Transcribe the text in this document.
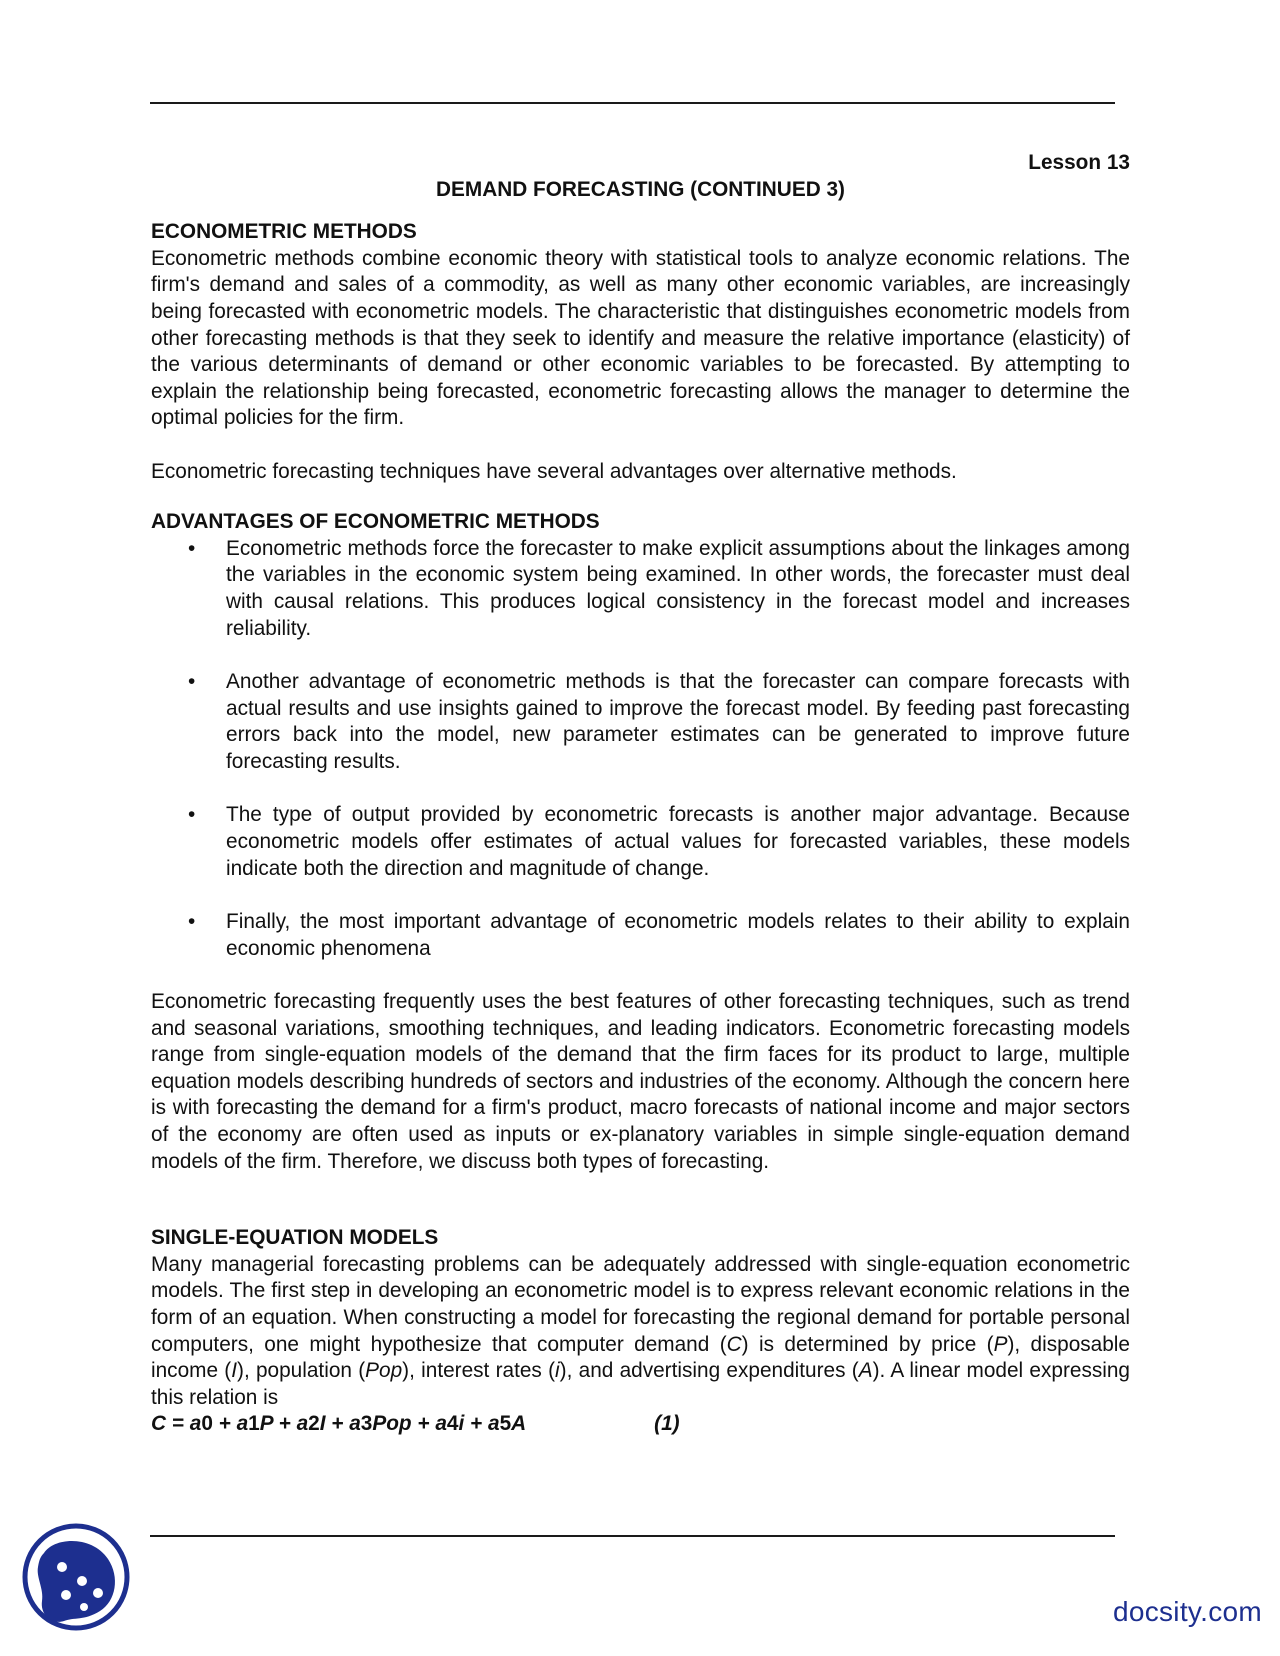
Lesson 13
DEMAND FORECASTING (CONTINUED 3)
ECONOMETRIC METHODS

Econometric methods combine economic theory with statistical tools to analyze economic relations. The firm's demand and sales of a commodity, as well as many other economic variables, are increasingly being forecasted with econometric models. The characteristic that distinguishes econometric models from other forecasting methods is that they seek to identify and measure the relative importance (elasticity) of the various determinants of demand or other economic variables to be forecasted. By attempting to explain the relationship being forecasted, econometric forecasting allows the manager to determine the optimal policies for the firm.

Econometric forecasting techniques have several advantages over alternative methods.

ADVANTAGES OF ECONOMETRIC METHODS
• Econometric methods force the forecaster to make explicit assumptions about the linkages among the variables in the economic system being examined. In other words, the forecaster must deal with causal relations. This produces logical consistency in the forecast model and increases reliability.
• Another advantage of econometric methods is that the forecaster can compare forecasts with actual results and use insights gained to improve the forecast model. By feeding past forecasting errors back into the model, new parameter estimates can be generated to improve future forecasting results.
• The type of output provided by econometric forecasts is another major advantage. Because econometric models offer estimates of actual values for forecasted variables, these models indicate both the direction and magnitude of change.
• Finally, the most important advantage of econometric models relates to their ability to explain economic phenomena

Econometric forecasting frequently uses the best features of other forecasting techniques, such as trend and seasonal variations, smoothing techniques, and leading indicators. Econometric forecasting models range from single-equation models of the demand that the firm faces for its product to large, multiple equation models describing hundreds of sectors and industries of the economy. Although the concern here is with forecasting the demand for a firm's product, macro forecasts of national income and major sectors of the economy are often used as inputs or ex-planatory variables in simple single-equation demand models of the firm. Therefore, we discuss both types of forecasting.

SINGLE-EQUATION MODELS

Many managerial forecasting problems can be adequately addressed with single-equation econometric models. The first step in developing an econometric model is to express relevant economic relations in the form of an equation. When constructing a model for forecasting the regional demand for portable personal computers, one might hypothesize that computer demand (C) is determined by price (P), disposable income (I), population (Pop), interest rates (i), and advertising expenditures (A). A linear model expressing this relation is

C = a0 + a1P + a2I + a3Pop + a4i + a5A	(1)
docsity.com
